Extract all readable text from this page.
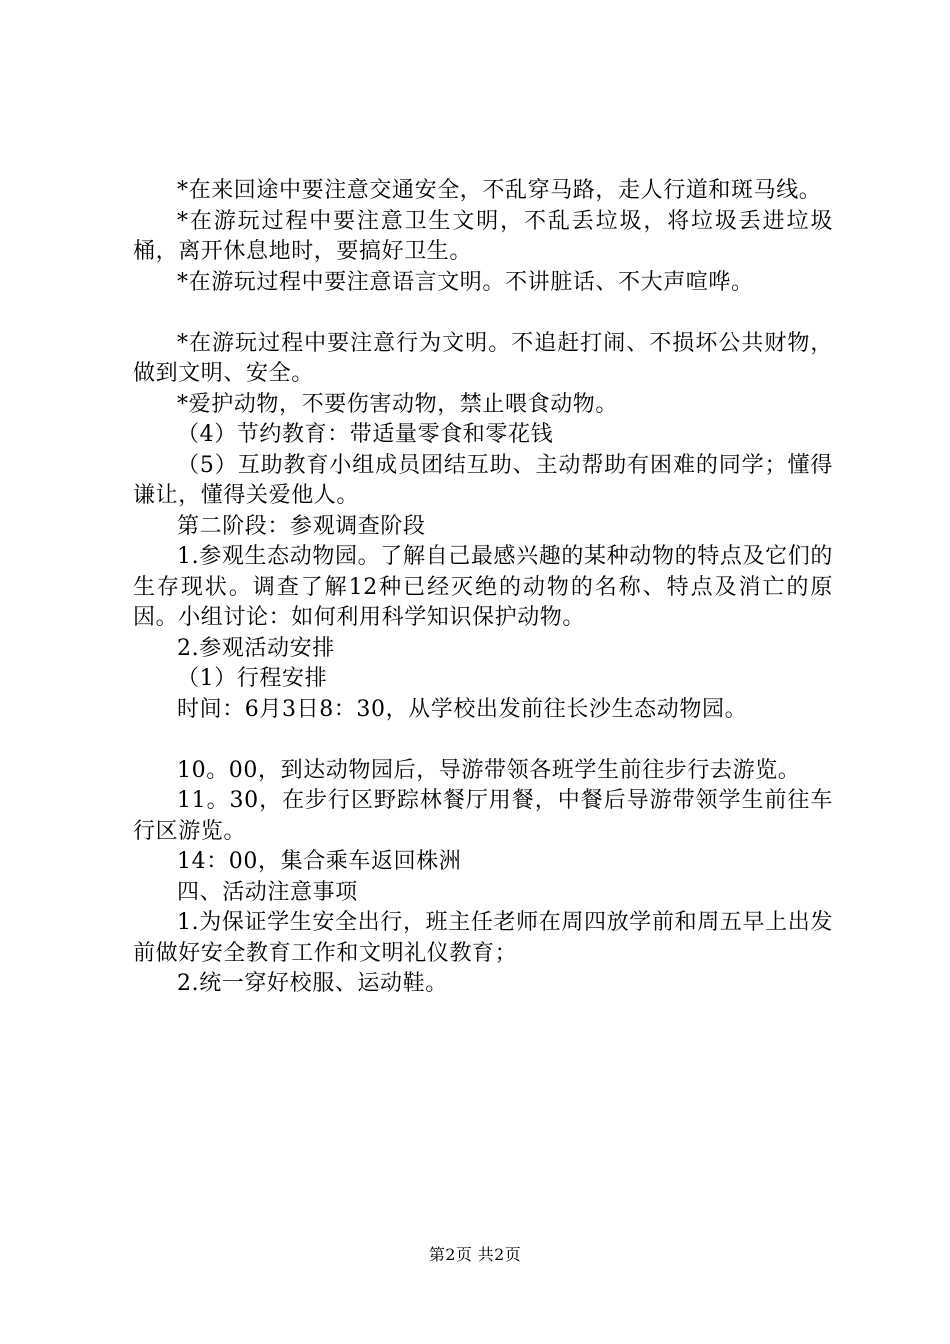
*在来回途中要注意交通安全，不乱穿马路，走人行道和斑马线。

*在游玩过程中要注意卫生文明，不乱丢垃圾，将垃圾丢进垃圾桶，离开休息地时，要搞好卫生。

*在游玩过程中要注意语言文明。不讲脏话、不大声喧哗。

*在游玩过程中要注意行为文明。不追赶打闹、不损坏公共财物，做到文明、安全。

*爱护动物，不要伤害动物，禁止喂食动物。

（4）节约教育：带适量零食和零花钱

（5）互助教育小组成员团结互助、主动帮助有困难的同学；懂得谦让，懂得关爱他人。

第二阶段：参观调查阶段

1.参观生态动物园。了解自己最感兴趣的某种动物的特点及它们的生存现状。调查了解12种已经灭绝的动物的名称、特点及消亡的原因。小组讨论：如何利用科学知识保护动物。

2.参观活动安排

（1）行程安排

时间：6月3日8：30，从学校出发前往长沙生态动物园。

10。00，到达动物园后，导游带领各班学生前往步行去游览。

11。30，在步行区野踪林餐厅用餐，中餐后导游带领学生前往车行区游览。

14：00，集合乘车返回株洲

四、活动注意事项

1.为保证学生安全出行，班主任老师在周四放学前和周五早上出发前做好安全教育工作和文明礼仪教育；

2.统一穿好校服、运动鞋。

第2页 共2页
